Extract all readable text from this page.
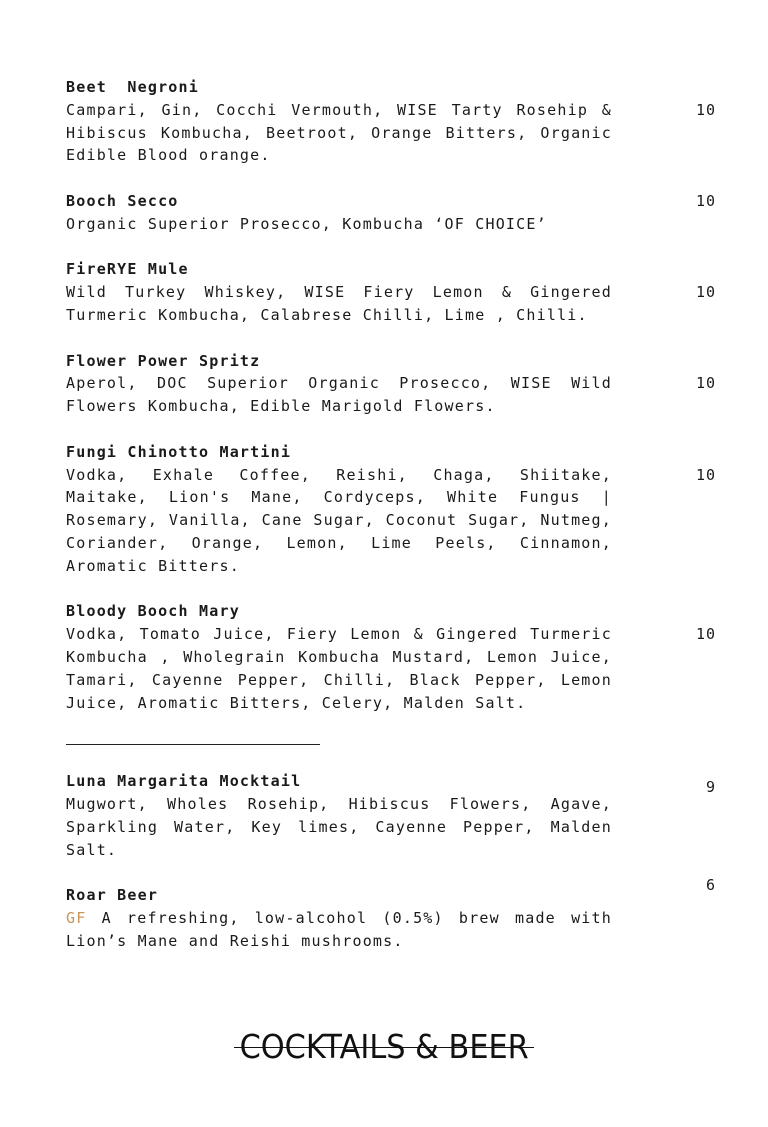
Beet  Negroni
Campari, Gin, Cocchi Vermouth, WISE Tarty Rosehip & Hibiscus Kombucha, Beetroot, Orange Bitters, Organic Edible Blood orange.
10
Booch Secco
Organic Superior Prosecco, Kombucha ‘OF CHOICE’
10
FireRYE Mule
Wild Turkey Whiskey, WISE Fiery Lemon & Gingered Turmeric Kombucha, Calabrese Chilli, Lime , Chilli.
10
Flower Power Spritz
Aperol, DOC Superior Organic Prosecco, WISE Wild Flowers Kombucha, Edible Marigold Flowers.
10
Fungi Chinotto Martini
Vodka, Exhale Coffee, Reishi, Chaga, Shiitake, Maitake, Lion's Mane, Cordyceps, White Fungus | Rosemary, Vanilla, Cane Sugar, Coconut Sugar, Nutmeg, Coriander, Orange, Lemon, Lime Peels, Cinnamon, Aromatic Bitters.
10
Bloody Booch Mary
Vodka, Tomato Juice, Fiery Lemon & Gingered Turmeric Kombucha , Wholegrain Kombucha Mustard, Lemon Juice, Tamari, Cayenne Pepper, Chilli, Black Pepper, Lemon Juice, Aromatic Bitters, Celery, Malden Salt.
10
Luna Margarita Mocktail
Mugwort, Wholes Rosehip, Hibiscus Flowers, Agave, Sparkling Water, Key limes, Cayenne Pepper, Malden Salt.
9
Roar Beer
GF A refreshing, low-alcohol (0.5%) brew made with Lion’s Mane and Reishi mushrooms.
6
COCKTAILS & BEER
